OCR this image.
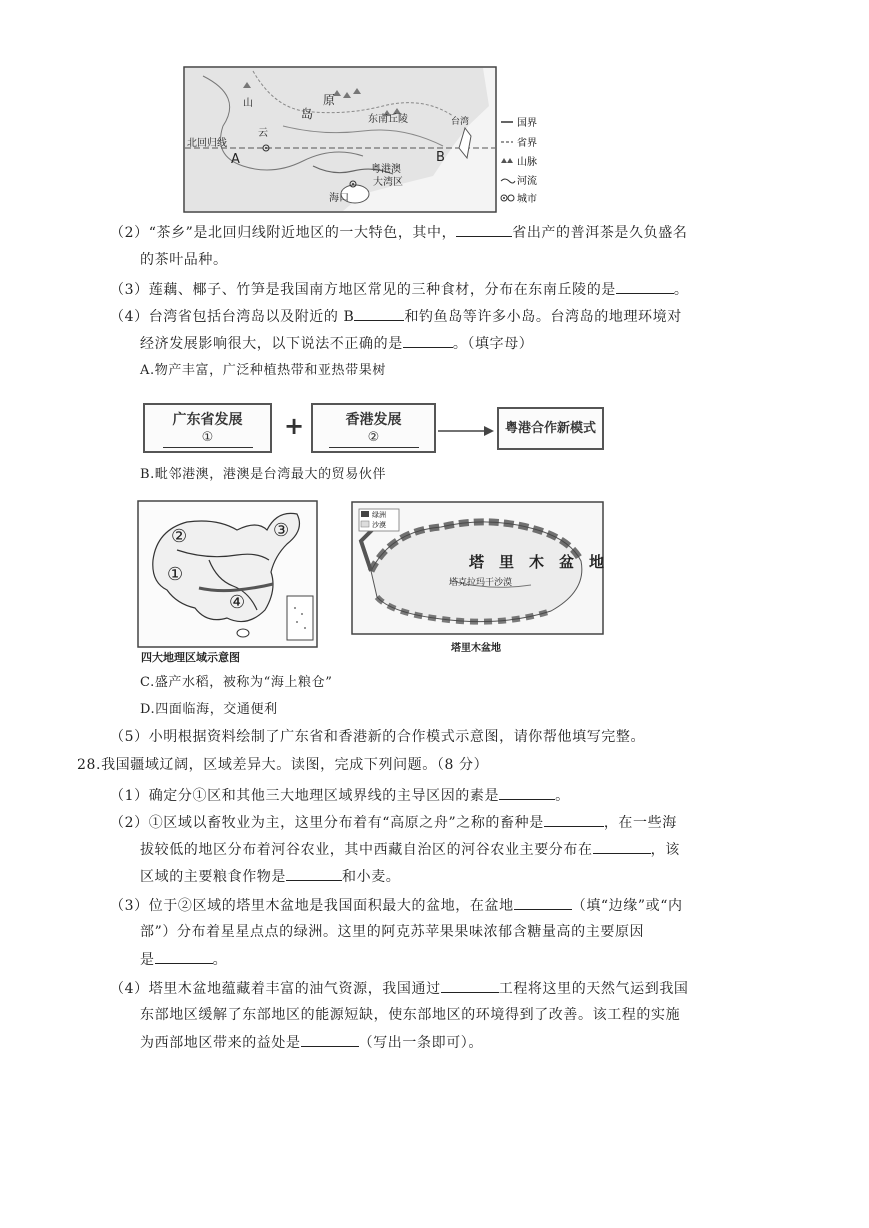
北回归线
原
岛
山
云
东南丘陵
A	B
粤港澳
大湾区
海口
台湾	国界
省界
山脉
河流
城市
（2）“茶乡”是北回归线附近地区的一大特色，其中，	省出产的普洱茶是久负盛名
的茶叶品种。
（3）莲藕、椰子、竹笋是我国南方地区常见的三种食材，分布在东南丘陵的是	。
（4）台湾省包括台湾岛以及附近的 B	和钓鱼岛等许多小岛。台湾岛的地理环境对
经济发展影响很大，以下说法不正确的是	。（填字母）
A.物产丰富，广泛种植热带和亚热带果树
广东省发展
①	+	香港发展
②
粤港合作新模式
B.毗邻港澳，港澳是台湾最大的贸易伙伴
②
①
③
④
四大地理区域示意图
绿洲
沙漠
塔　里　木　盆　地
塔克拉玛干沙漠
塔里木盆地
C.盛产水稻，被称为“海上粮仓”
D.四面临海，交通便利
（5）小明根据资料绘制了广东省和香港新的合作模式示意图，请你帮他填写完整。
28.我国疆域辽阔，区域差异大。读图，完成下列问题。（8 分）
（1）确定分①区和其他三大地理区域界线的主导区因的素是	。
（2）①区域以畜牧业为主，这里分布着有“高原之舟”之称的畜种是	，在一些海
拔较低的地区分布着河谷农业，其中西藏自治区的河谷农业主要分布在	，该
区域的主要粮食作物是	和小麦。
（3）位于②区域的塔里木盆地是我国面积最大的盆地，在盆地	（填“边缘”或“内
部”）分布着星星点点的绿洲。这里的阿克苏苹果果味浓郁含糖量高的主要原因
是	。
（4）塔里木盆地蕴藏着丰富的油气资源，我国通过	工程将这里的天然气运到我国
东部地区缓解了东部地区的能源短缺，使东部地区的环境得到了改善。该工程的实施
为西部地区带来的益处是	（写出一条即可）。
